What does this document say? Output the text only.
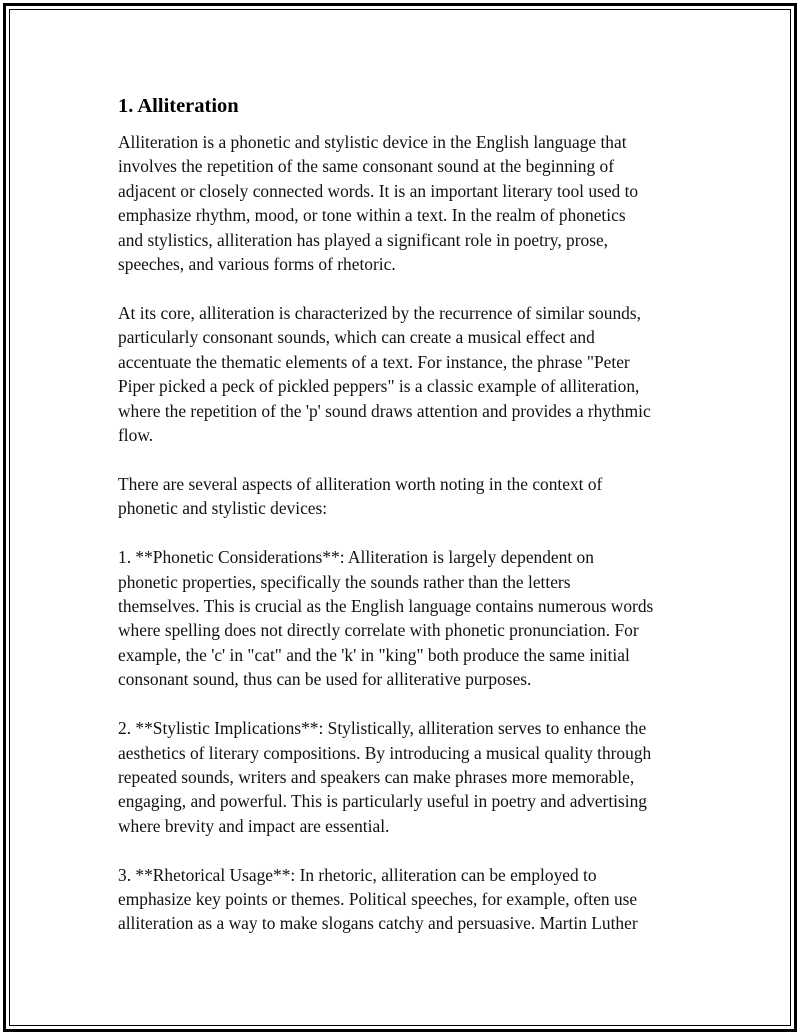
1. Alliteration

Alliteration is a phonetic and stylistic device in the English language that
involves the repetition of the same consonant sound at the beginning of
adjacent or closely connected words. It is an important literary tool used to
emphasize rhythm, mood, or tone within a text. In the realm of phonetics
and stylistics, alliteration has played a significant role in poetry, prose,
speeches, and various forms of rhetoric.

At its core, alliteration is characterized by the recurrence of similar sounds,
particularly consonant sounds, which can create a musical effect and
accentuate the thematic elements of a text. For instance, the phrase "Peter
Piper picked a peck of pickled peppers" is a classic example of alliteration,
where the repetition of the 'p' sound draws attention and provides a rhythmic
flow.

There are several aspects of alliteration worth noting in the context of
phonetic and stylistic devices:

1. **Phonetic Considerations**: Alliteration is largely dependent on
phonetic properties, specifically the sounds rather than the letters
themselves. This is crucial as the English language contains numerous words
where spelling does not directly correlate with phonetic pronunciation. For
example, the 'c' in "cat" and the 'k' in "king" both produce the same initial
consonant sound, thus can be used for alliterative purposes.

2. **Stylistic Implications**: Stylistically, alliteration serves to enhance the
aesthetics of literary compositions. By introducing a musical quality through
repeated sounds, writers and speakers can make phrases more memorable,
engaging, and powerful. This is particularly useful in poetry and advertising
where brevity and impact are essential.

3. **Rhetorical Usage**: In rhetoric, alliteration can be employed to
emphasize key points or themes. Political speeches, for example, often use
alliteration as a way to make slogans catchy and persuasive. Martin Luther
